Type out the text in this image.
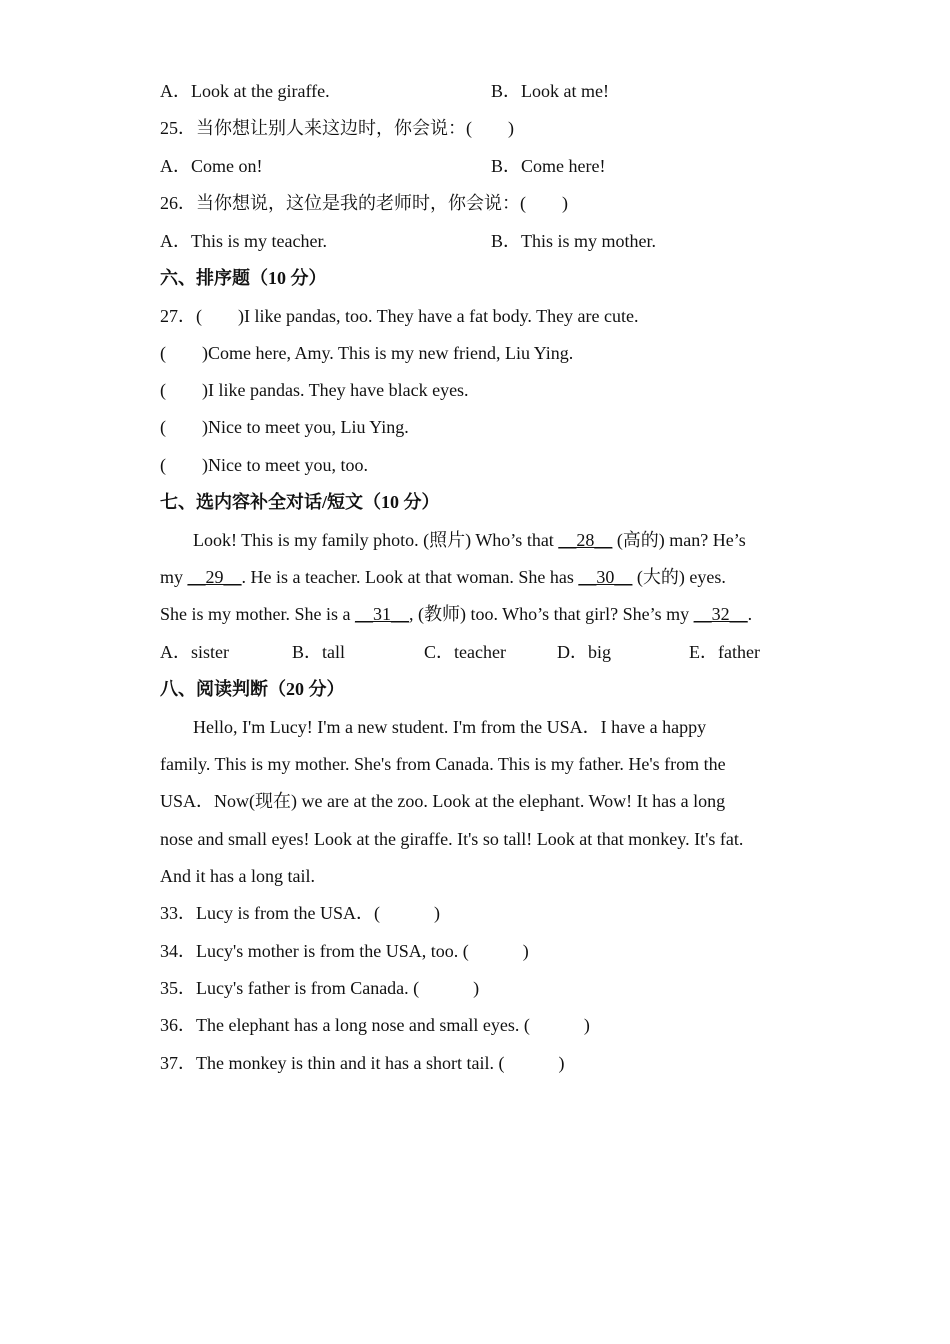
A．Look at the giraffe.	B．Look at me!
25．当你想让别人来这边时，你会说：(　　)
A．Come on!	B．Come here!
26．当你想说，这位是我的老师时，你会说：(　　)
A．This is my teacher.	B．This is my mother.
六、排序题（10 分）
27．(　　)I like pandas, too. They have a fat body. They are cute.
(　　)Come here, Amy. This is my new friend, Liu Ying.
(　　)I like pandas. They have black eyes.
(　　)Nice to meet you, Liu Ying.
(　　)Nice to meet you, too.
七、选内容补全对话/短文（10 分）
Look! This is my family photo. (照片) Who’s that __28__ (高的) man? He’s
my __29__. He is a teacher. Look at that woman. She has __30__ (大的) eyes.
She is my mother. She is a __31__, (教师) too. Who’s that girl? She’s my __32__.
A．sister	B．tall	C．teacher	D．big	E．father
八、阅读判断（20 分）
Hello, I'm Lucy! I'm a new student. I'm from the USA．I have a happy
family. This is my mother. She's from Canada. This is my father. He's from the
USA．Now(现在) we are at the zoo. Look at the elephant. Wow! It has a long
nose and small eyes! Look at the giraffe. It's so tall! Look at that monkey. It's fat.
And it has a long tail.
33．Lucy is from the USA．(　　　)
34．Lucy's mother is from the USA, too. (　　　)
35．Lucy's father is from Canada. (　　　)
36．The elephant has a long nose and small eyes. (　　　)
37．The monkey is thin and it has a short tail. (　　　)
